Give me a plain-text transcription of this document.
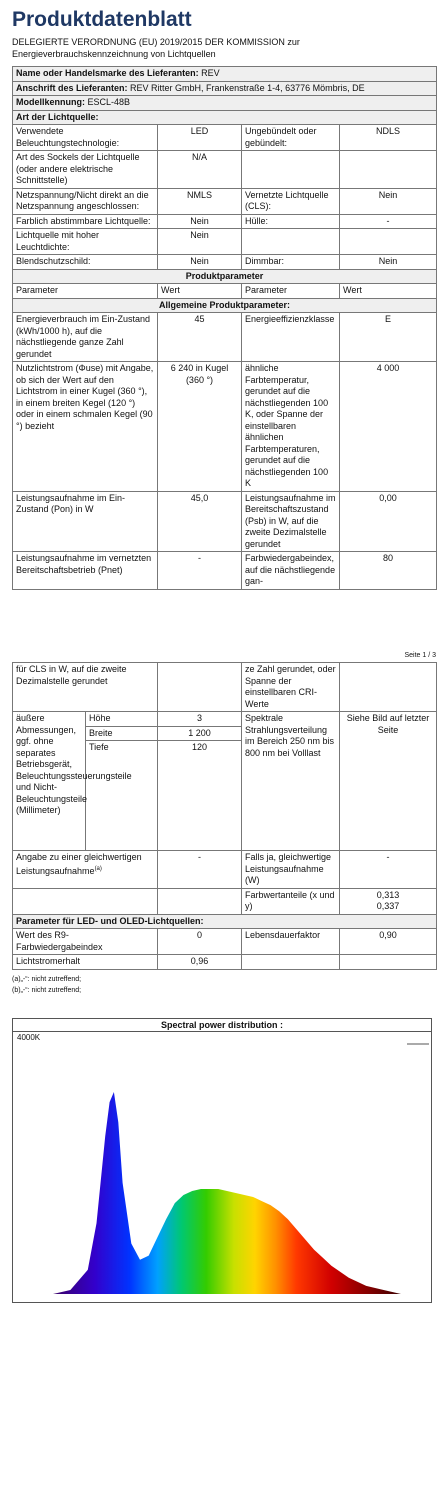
Produktdatenblatt
DELEGIERTE VERORDNUNG (EU) 2019/2015 DER KOMMISSION zur
Energieverbrauchskennzeichnung von Lichtquellen
Name oder Handelsmarke des Lieferanten: REV			
Anschrift des Lieferanten: REV Ritter GmbH, Frankenstraße 1-4, 63776 Mömbris, DE			
Modellkennung: ESCL-48B			
Art der Lichtquelle:			
Verwendete Beleuchtungstechnologie:	LED	Ungebündelt oder gebündelt:	NDLS
Art des Sockels der Lichtquelle (oder andere elektrische Schnittstelle)	N/A		
Netzspannung/Nicht direkt an die Netzspannung angeschlossen:	NMLS	Vernetzte Lichtquelle (CLS):	Nein
Farblich abstimmbare Lichtquelle:	Nein	Hülle:	-
Lichtquelle mit hoher Leuchtdichte:	Nein		
Blendschutzschild:	Nein	Dimmbar:	Nein
Produktparameter			
Parameter	Wert	Parameter	Wert
Allgemeine Produktparameter:			
Energieverbrauch im Ein-Zustand (kWh/1000 h), auf die nächstliegende ganze Zahl gerundet	45	Energieeffizienzklasse	E
Nutzlichtstrom (Φuse) mit Angabe, ob sich der Wert auf den Lichtstrom in einer Kugel (360 °), in einem breiten Kegel (120 °) oder in einem schmalen Kegel (90 °) bezieht	6 240 in Kugel (360 °)	ähnliche Farbtemperatur, gerundet auf die nächstliegenden 100 K, oder Spanne der einstellbaren ähnlichen Farbtemperaturen, gerundet auf die nächstliegenden 100 K	4 000
Leistungsaufnahme im Ein-Zustand (Pon) in W	45,0	Leistungsaufnahme im Bereitschaftszustand (Psb) in W, auf die zweite Dezimalstelle gerundet	0,00
Leistungsaufnahme im vernetzten Bereitschaftsbetrieb (Pnet)	-	Farbwiedergabeindex, auf die nächstliegende gan-	80
Seite 1 / 3
für CLS in W, auf die zweite Dezimalstelle gerundet			ze Zahl gerundet, oder Spanne der einstellbaren CRI-Werte	
äußere Abmessungen, ggf. ohne separates Betriebsgerät, Beleuchtungssteuerungsteile und Nicht-Beleuchtungsteile (Millimeter)	Höhe	3	Spektrale Strahlungsverteilung im Bereich 250 nm bis 800 nm bei Volllast	Siehe Bild auf letzter Seite
	Breite	1 200		
	Tiefe	120		
Angabe zu einer gleichwertigen Leistungsaufnahme$^{(a)}$		-	Falls ja, gleichwertige Leistungsaufnahme (W)	-
			Farbwertanteile (x und y)	0,313
0,337

Parameter für LED- und OLED-Lichtquellen:				
Wert des R9-Farbwiedergabeindex		0	Lebensdauerfaktor	0,90
Lichtstromerhalt		0,96		
(a)„-“: nicht zutreffend;
(b)„-“: nicht zutreffend;
Spectral power distribution :
4000K
